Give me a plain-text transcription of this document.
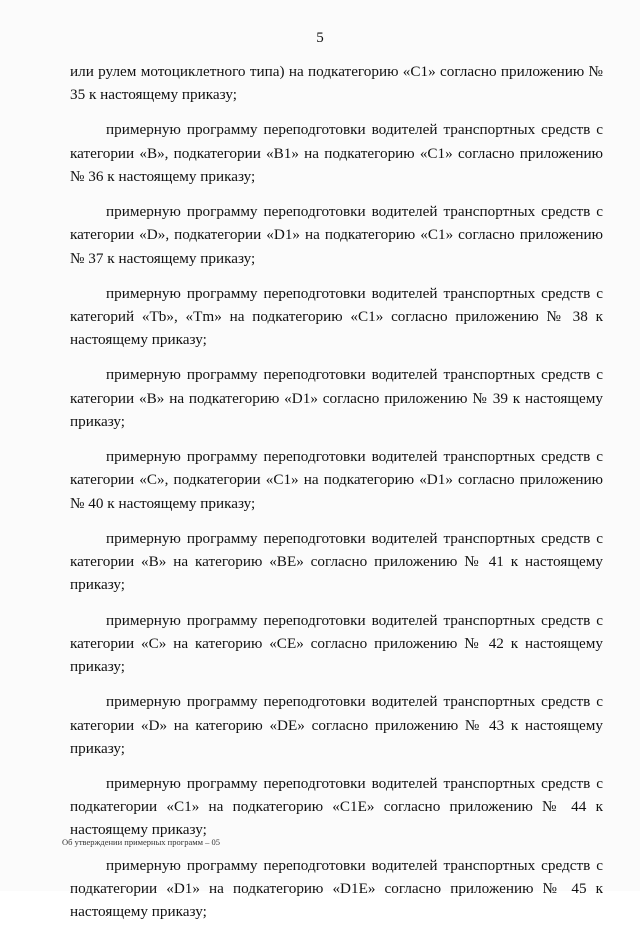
5

или рулем мотоциклетного типа) на подкатегорию «C1» согласно приложению № 35 к настоящему приказу;

примерную программу переподготовки водителей транспортных средств с категории «B», подкатегории «B1» на подкатегорию «C1» согласно приложению № 36 к настоящему приказу;

примерную программу переподготовки водителей транспортных средств с категории «D», подкатегории «D1» на подкатегорию «C1» согласно приложению № 37 к настоящему приказу;

примерную программу переподготовки водителей транспортных средств с категорий «Tb», «Tm» на подкатегорию «C1» согласно приложению № 38 к настоящему приказу;

примерную программу переподготовки водителей транспортных средств с категории «B» на подкатегорию «D1» согласно приложению № 39 к настоящему приказу;

примерную программу переподготовки водителей транспортных средств с категории «C», подкатегории «C1» на подкатегорию «D1» согласно приложению № 40 к настоящему приказу;

примерную программу переподготовки водителей транспортных средств с категории «B» на категорию «BE» согласно приложению № 41 к настоящему приказу;

примерную программу переподготовки водителей транспортных средств с категории «C» на категорию «CE» согласно приложению № 42 к настоящему приказу;

примерную программу переподготовки водителей транспортных средств с категории «D» на категорию «DE» согласно приложению № 43 к настоящему приказу;

примерную программу переподготовки водителей транспортных средств с подкатегории «C1» на подкатегорию «C1E» согласно приложению № 44 к настоящему приказу;

примерную программу переподготовки водителей транспортных средств с подкатегории «D1» на подкатегорию «D1E» согласно приложению № 45 к настоящему приказу;

Об утверждении примерных программ – 05
